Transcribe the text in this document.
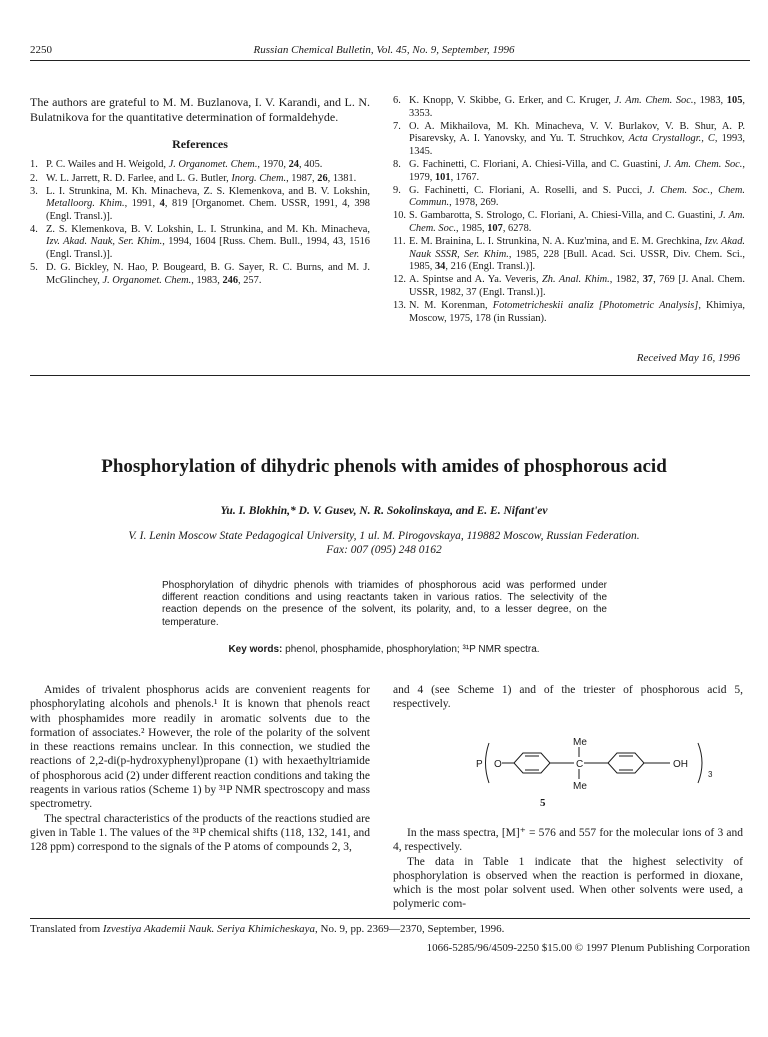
2250	Russian Chemical Bulletin, Vol. 45, No. 9, September, 1996

The authors are grateful to M. M. Buzlanova, I. V. Karandi, and L. N. Bulatnikova for the quantitative determination of formaldehyde.

References
1. P. C. Wailes and H. Weigold, J. Organomet. Chem., 1970, 24, 405.
2. W. L. Jarrett, R. D. Farlee, and L. G. Butler, Inorg. Chem., 1987, 26, 1381.
3. L. I. Strunkina, M. Kh. Minacheva, Z. S. Klemenkova, and B. V. Lokshin, Metalloorg. Khim., 1991, 4, 819 [Organomet. Chem. USSR, 1991, 4, 398 (Engl. Transl.)].
4. Z. S. Klemenkova, B. V. Lokshin, L. I. Strunkina, and M. Kh. Minacheva, Izv. Akad. Nauk, Ser. Khim., 1994, 1604 [Russ. Chem. Bull., 1994, 43, 1516 (Engl. Transl.)].
5. D. G. Bickley, N. Hao, P. Bougeard, B. G. Sayer, R. C. Burns, and M. J. McGlinchey, J. Organomet. Chem., 1983, 246, 257.
6. K. Knopp, V. Skibbe, G. Erker, and C. Kruger, J. Am. Chem. Soc., 1983, 105, 3353.
7. O. A. Mikhailova, M. Kh. Minacheva, V. V. Burlakov, V. B. Shur, A. P. Pisarevsky, A. I. Yanovsky, and Yu. T. Struchkov, Acta Crystallogr., C, 1993, 1345.
8. G. Fachinetti, C. Floriani, A. Chiesi-Villa, and C. Guastini, J. Am. Chem. Soc., 1979, 101, 1767.
9. G. Fachinetti, C. Floriani, A. Roselli, and S. Pucci, J. Chem. Soc., Chem. Commun., 1978, 269.
10. S. Gambarotta, S. Strologo, C. Floriani, A. Chiesi-Villa, and C. Guastini, J. Am. Chem. Soc., 1985, 107, 6278.
11. E. M. Brainina, L. I. Strunkina, N. A. Kuz'mina, and E. M. Grechkina, Izv. Akad. Nauk SSSR, Ser. Khim., 1985, 228 [Bull. Acad. Sci. USSR, Div. Chem. Sci., 1985, 34, 216 (Engl. Transl.)].
12. A. Spintse and A. Ya. Veveris, Zh. Anal. Khim., 1982, 37, 769 [J. Anal. Chem. USSR, 1982, 37 (Engl. Transl.)].
13. N. M. Korenman, Fotometricheskii analiz [Photometric Analysis], Khimiya, Moscow, 1975, 178 (in Russian).
Received May 16, 1996
Phosphorylation of dihydric phenols with amides of phosphorous acid
Yu. I. Blokhin,* D. V. Gusev, N. R. Sokolinskaya, and E. E. Nifant'ev
V. I. Lenin Moscow State Pedagogical University, 1 ul. M. Pirogovskaya, 119882 Moscow, Russian Federation.
Fax: 007 (095) 248 0162
Phosphorylation of dihydric phenols with triamides of phosphorous acid was performed under different reaction conditions and using reactants taken in various ratios. The selectivity of the reaction depends on the presence of the solvent, its polarity, and, to a lesser degree, on the temperature.
Key words: phenol, phosphamide, phosphorylation; ³¹P NMR spectra.

Amides of trivalent phosphorus acids are convenient reagents for phosphorylating alcohols and phenols.¹ It is known that phenols react with phosphamides more readily in aromatic solvents due to the formation of associates.² However, the role of the polarity of the solvent in these reactions remains unclear. In this connection, we studied the reactions of 2,2-di(p-hydroxyphenyl)propane (1) with hexaethyltriamide of phosphorous acid (2) under different reaction conditions and taking the reagents in various ratios (Scheme 1) by ³¹P NMR spectroscopy and mass spectrometry.

The spectral characteristics of the products of the reactions studied are given in Table 1. The values of the ³¹P chemical shifts (118, 132, 141, and 128 ppm) correspond to the signals of the P atoms of compounds 2, 3,

and 4 (see Scheme 1) and of the triester of phosphorous acid 5, respectively.

P O
Me
C
Me
OH
3
5

In the mass spectra, [M]⁺ = 576 and 557 for the molecular ions of 3 and 4, respectively.

The data in Table 1 indicate that the highest selectivity of phosphorylation is observed when the reaction is performed in dioxane, which is the most polar solvent used. When other solvents were used, a polymeric com-

Translated from Izvestiya Akademii Nauk. Seriya Khimicheskaya, No. 9, pp. 2369—2370, September, 1996.
1066-5285/96/4509-2250 $15.00 © 1997 Plenum Publishing Corporation
